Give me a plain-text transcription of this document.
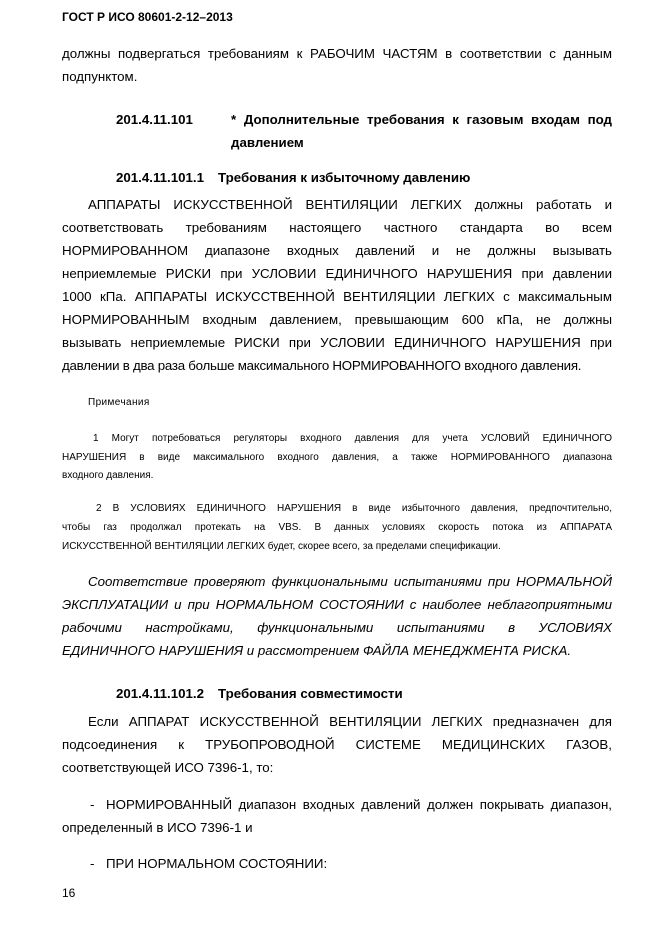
ГОСТ Р ИСО 80601-2-12–2013
должны подвергаться требованиям к РАБОЧИМ ЧАСТЯМ в соответствии с данным
подпунктом.
201.4.11.101	* Дополнительные требования к газовым входам под
давлением
201.4.11.101.1 Требования к избыточному давлению
АППАРАТЫ ИСКУССТВЕННОЙ ВЕНТИЛЯЦИИ ЛЕГКИХ должны работать и
соответствовать требованиям настоящего частного стандарта во всем
НОРМИРОВАННОМ диапазоне входных давлений и не должны вызывать
неприемлемые РИСКИ при УСЛОВИИ ЕДИНИЧНОГО НАРУШЕНИЯ при давлении
1000 кПа. АППАРАТЫ ИСКУССТВЕННОЙ ВЕНТИЛЯЦИИ ЛЕГКИХ с максимальным
НОРМИРОВАННЫМ входным давлением, превышающим 600 кПа, не должны
вызывать неприемлемые РИСКИ при УСЛОВИИ ЕДИНИЧНОГО НАРУШЕНИЯ при
давлении в два раза больше максимального НОРМИРОВАННОГО входного давления.
Примечания
1 Могут потребоваться регуляторы входного давления для учета УСЛОВИЙ ЕДИНИЧНОГО
НАРУШЕНИЯ в виде максимального входного давления, а также НОРМИРОВАННОГО диапазона
входного давления.
2 В УСЛОВИЯХ ЕДИНИЧНОГО НАРУШЕНИЯ в виде избыточного давления, предпочтительно,
чтобы газ продолжал протекать на VBS. В данных условиях скорость потока из АППАРАТА
ИСКУССТВЕННОЙ ВЕНТИЛЯЦИИ ЛЕГКИХ будет, скорее всего, за пределами спецификации.
Соответствие проверяют функциональными испытаниями при НОРМАЛЬНОЙ
ЭКСПЛУАТАЦИИ и при НОРМАЛЬНОМ СОСТОЯНИИ с наиболее неблагоприятными
рабочими настройками, функциональными испытаниями в УСЛОВИЯХ
ЕДИНИЧНОГО НАРУШЕНИЯ и рассмотрением ФАЙЛА МЕНЕДЖМЕНТА РИСКА.
201.4.11.101.2 Требования совместимости
Если АППАРАТ ИСКУССТВЕННОЙ ВЕНТИЛЯЦИИ ЛЕГКИХ предназначен для
подсоединения к ТРУБОПРОВОДНОЙ СИСТЕМЕ МЕДИЦИНСКИХ ГАЗОВ,
соответствующей ИСО 7396-1, то:
- НОРМИРОВАННЫЙ диапазон входных давлений должен покрывать диапазон,
определенный в ИСО 7396-1 и
- ПРИ НОРМАЛЬНОМ СОСТОЯНИИ:
16
